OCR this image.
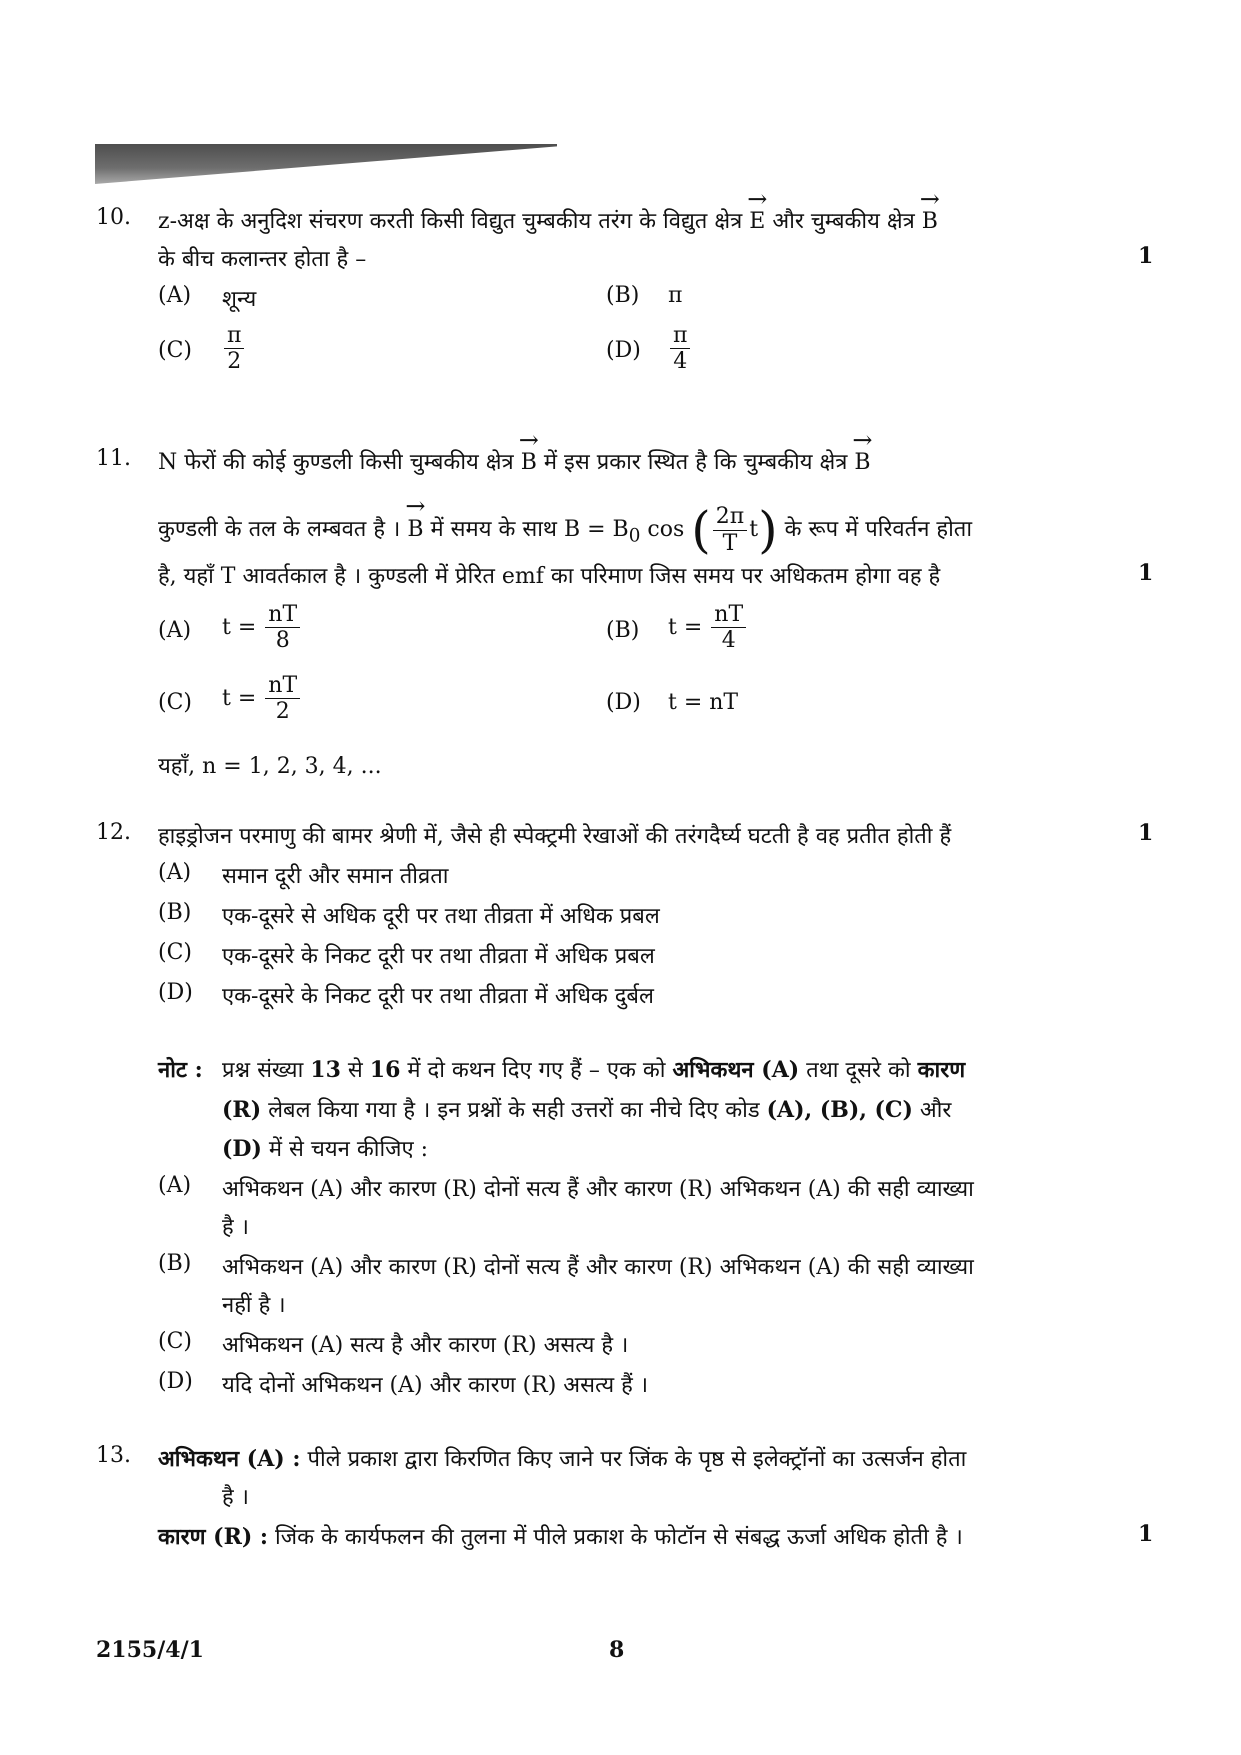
10. z-अक्ष के अनुदिश संचरण करती किसी विद्युत चुम्बकीय तरंग के विद्युत क्षेत्र → E और चुम्बकीय क्षेत्र → B
के बीच कलान्तर होता है –	1
(A) शून्य	(B) π
$(C) \frac{\pi}{2}$	$(D) \frac{\pi}{4}$
11. N फेरों की कोई कुण्डली किसी चुम्बकीय क्षेत्र → B में इस प्रकार स्थित है कि चुम्बकीय क्षेत्र → B
कुण्डली के तल के लम्बवत है । → B में समय के साथ $B = B_0$ cos ( $\frac{2\pi}{T} t$) के रूप में परिवर्तन होता
है, यहाँ T आवर्तकाल है । कुण्डली में प्रेरित emf का परिमाण जिस समय पर अधिकतम होगा वह है	1
(A) $t = \frac{nT}{8}$	(B) $t = \frac{nT}{4}$
(C) $t = \frac{nT}{2}$	(D) t = nT
यहाँ, n = 1, 2, 3, 4, ...
12. हाइड्रोजन परमाणु की बामर श्रेणी में, जैसे ही स्पेक्ट्रमी रेखाओं की तरंगदैर्घ्य घटती है वह प्रतीत होती हैं	1
(A) समान दूरी और समान तीव्रता
(B) एक-दूसरे से अधिक दूरी पर तथा तीव्रता में अधिक प्रबल
(C) एक-दूसरे के निकट दूरी पर तथा तीव्रता में अधिक प्रबल
(D) एक-दूसरे के निकट दूरी पर तथा तीव्रता में अधिक दुर्बल
नोट : प्रश्न संख्या 13 से 16 में दो कथन दिए गए हैं – एक को अभिकथन (A) तथा दूसरे को कारण
(R) लेबल किया गया है । इन प्रश्नों के सही उत्तरों का नीचे दिए कोड (A), (B), (C) और
(D) में से चयन कीजिए :
(A) अभिकथन (A) और कारण (R) दोनों सत्य हैं और कारण (R) अभिकथन (A) की सही व्याख्या
है ।
(B) अभिकथन (A) और कारण (R) दोनों सत्य हैं और कारण (R) अभिकथन (A) की सही व्याख्या
नहीं है ।
(C) अभिकथन (A) सत्य है और कारण (R) असत्य है ।
(D) यदि दोनों अभिकथन (A) और कारण (R) असत्य हैं ।
13. अभिकथन (A) : पीले प्रकाश द्वारा किरणित किए जाने पर जिंक के पृष्ठ से इलेक्ट्रॉनों का उत्सर्जन होता
है ।
कारण (R) : जिंक के कार्यफलन की तुलना में पीले प्रकाश के फोटॉन से संबद्ध ऊर्जा अधिक होती है ।	1
2155/4/1	8
